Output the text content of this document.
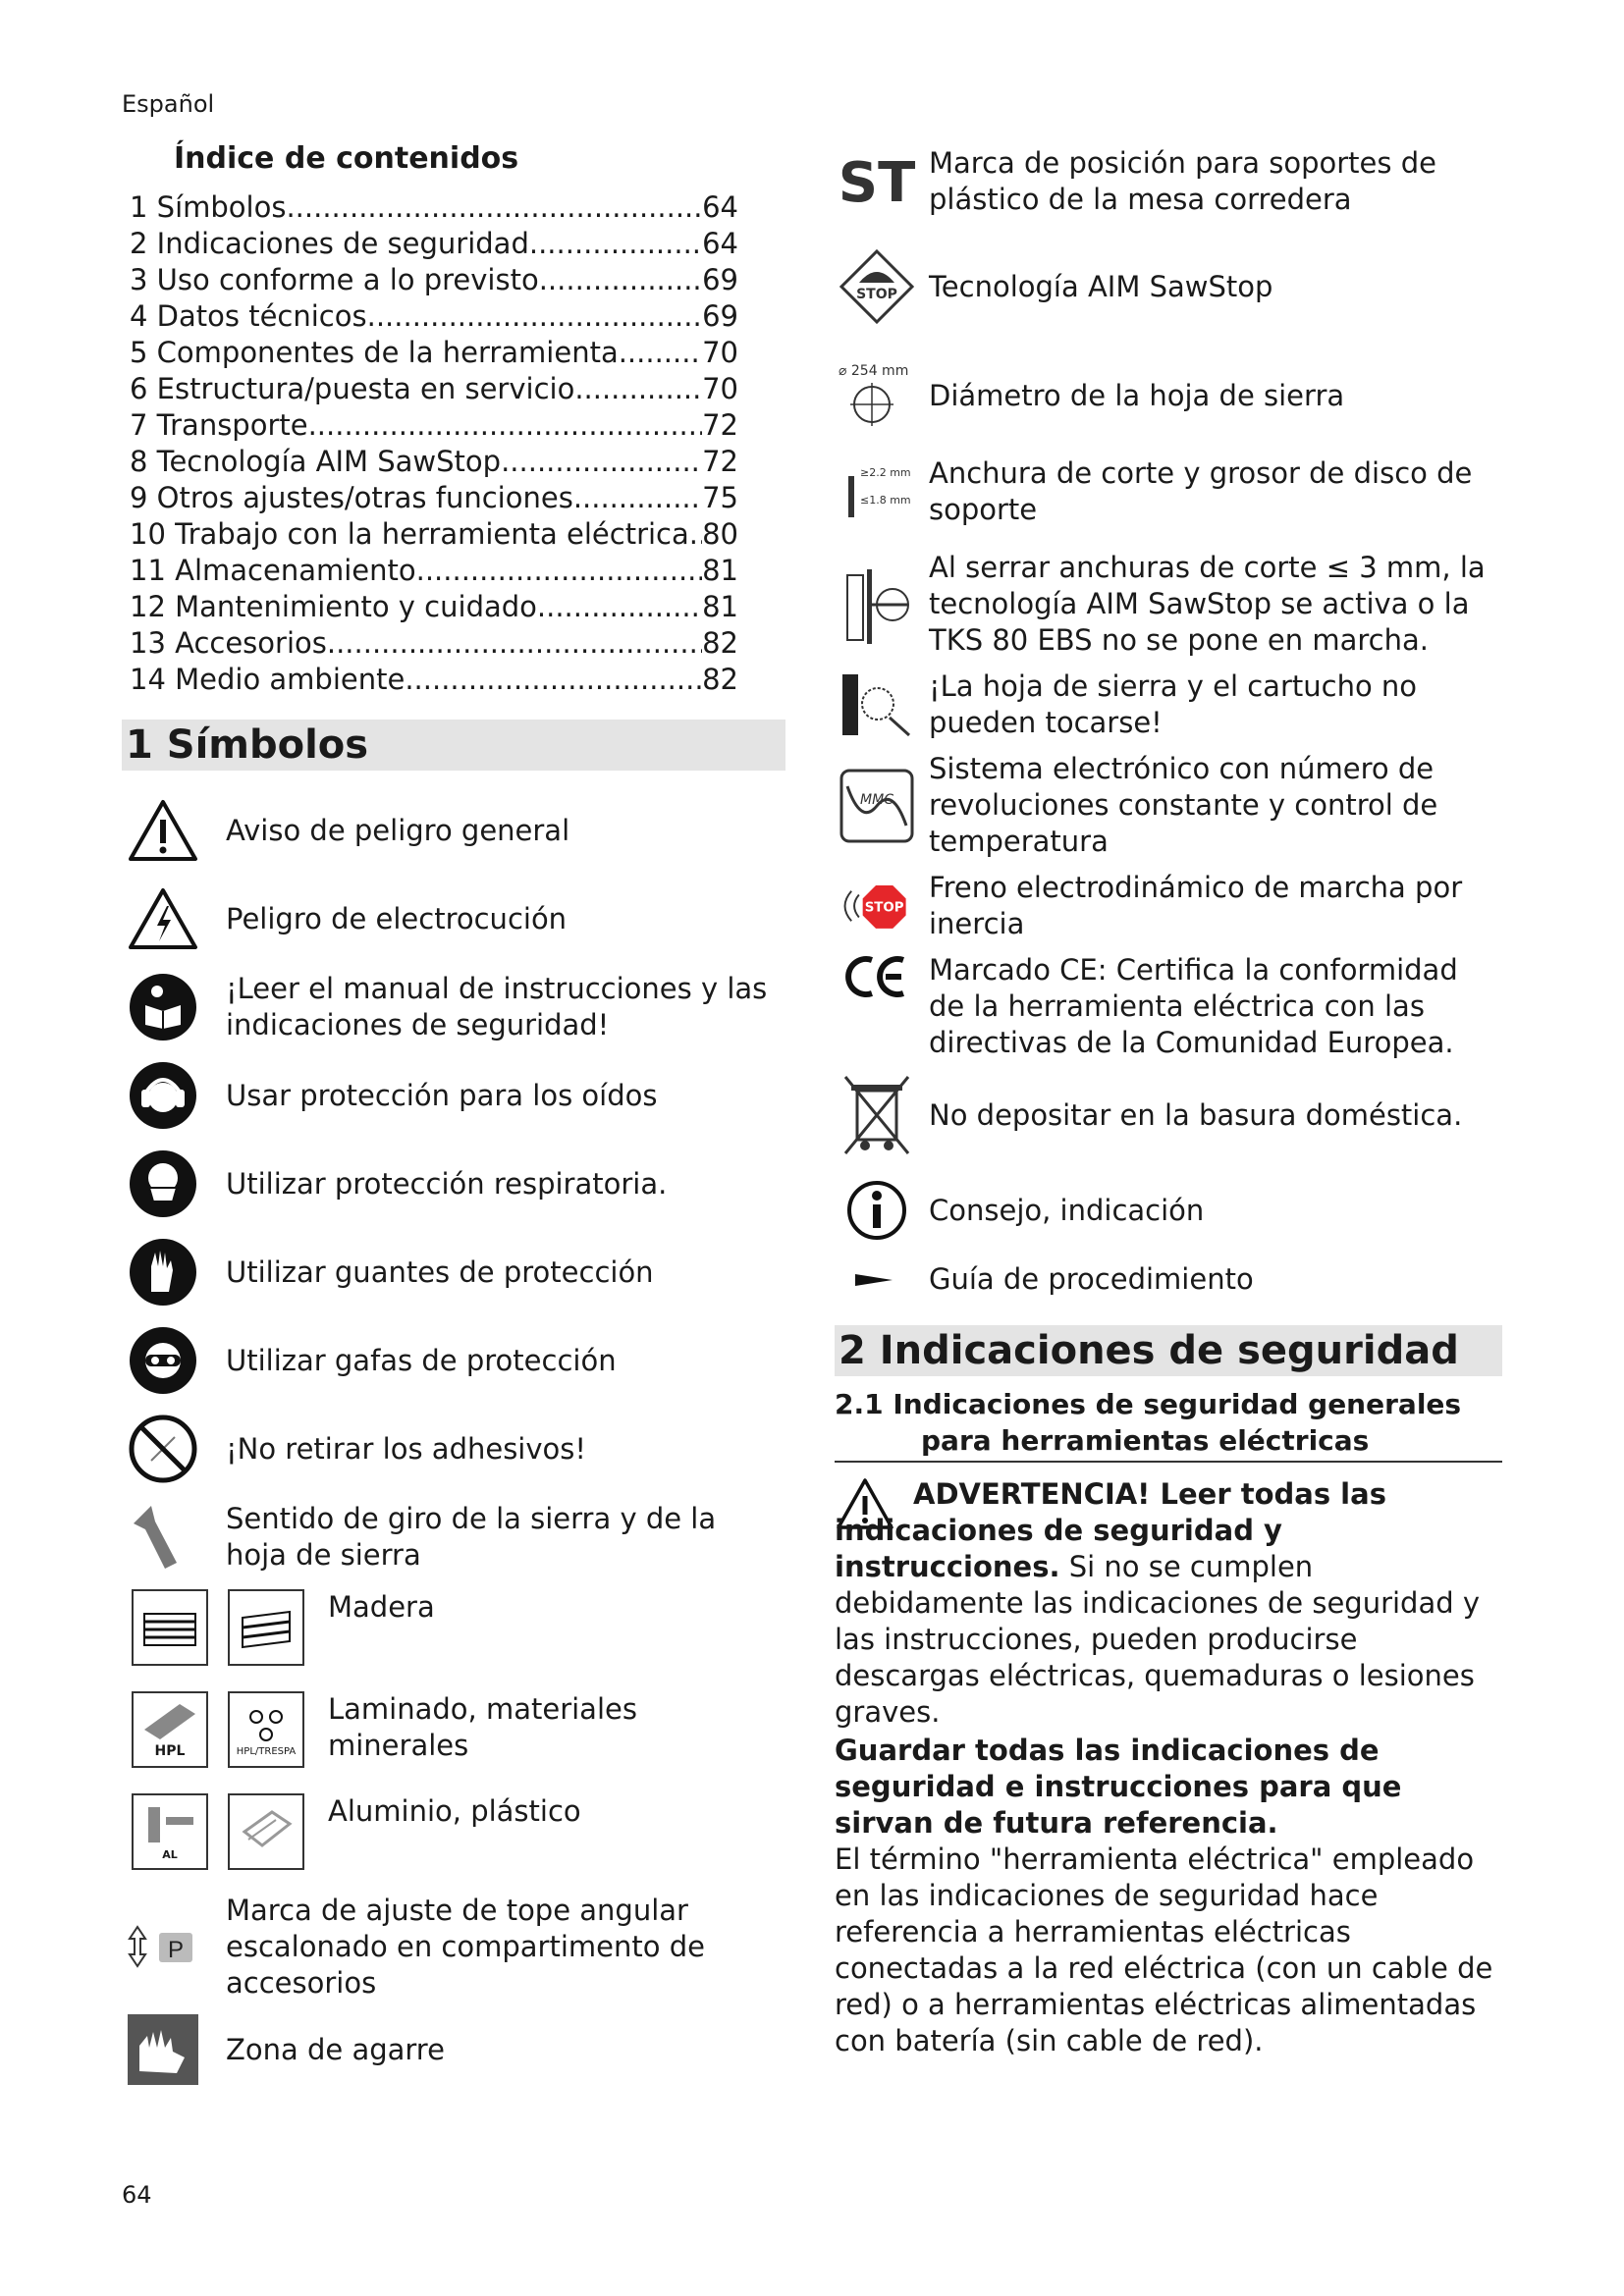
Español
Índice de contenidos
1 Símbolos .....	64
2 Indicaciones de seguridad .....	64
3 Uso conforme a lo previsto .....	69
4 Datos técnicos .....	69
5 Componentes de la herramienta .....	70
6 Estructura/puesta en servicio .....	70
7 Transporte .....	72
8 Tecnología AIM SawStop .....	72
9 Otros ajustes/otras funciones .....	75
10 Trabajo con la herramienta eléctrica ..... 80
11 Almacenamiento .....	81
12 Mantenimiento y cuidado .....	81
13 Accesorios .....	82
14 Medio ambiente .....	82
1 Símbolos
Aviso de peligro general
Peligro de electrocución
¡Leer el manual de instrucciones y las indicaciones de seguridad!
Usar protección para los oídos
Utilizar protección respiratoria.
Utilizar guantes de protección
Utilizar gafas de protección
¡No retirar los adhesivos!
Sentido de giro de la sierra y de la hoja de sierra
Madera
HPL	HPL/TRESPA
Laminado, materiales minerales
AL
Aluminio, plástico
P
Marca de ajuste de tope angular escalonado en compartimento de accesorios
Zona de agarre
ST Marca de posición para soportes de plástico de la mesa corredera
STOP Tecnología AIM SawStop
⌀ 254 mm
Diámetro de la hoja de sierra
≥2.2 mm
≤1.8 mm
Anchura de corte y grosor de disco de soporte
Al serrar anchuras de corte ≤ 3 mm, la tecnología AIM SawStop se activa o la TKS 80 EBS no se pone en marcha.
¡La hoja de sierra y el cartucho no pueden tocarse!
MMC
Sistema electrónico con número de revoluciones constante y control de temperatura
STOP
Freno electrodinámico de marcha por inercia
Marcado CE: Certifica la conformidad de la herramienta eléctrica con las directivas de la Comunidad Europea.
No depositar en la basura doméstica.
Consejo, indicación
Guía de procedimiento
2 Indicaciones de seguridad
2.1 Indicaciones de seguridad generales
para herramientas eléctricas

ADVERTENCIA! Leer todas las indicaciones de seguridad y instrucciones. Si no se cumplen debidamente las indicaciones de seguridad y las instrucciones, pueden producirse descargas eléctricas, quemaduras o lesiones graves.

Guardar todas las indicaciones de seguridad e instrucciones para que sirvan de futura referencia.

El término "herramienta eléctrica" empleado en las indicaciones de seguridad hace referencia a herramientas eléctricas conectadas a la red eléctrica (con un cable de red) o a herramientas eléctricas alimentadas con batería (sin cable de red).

64
